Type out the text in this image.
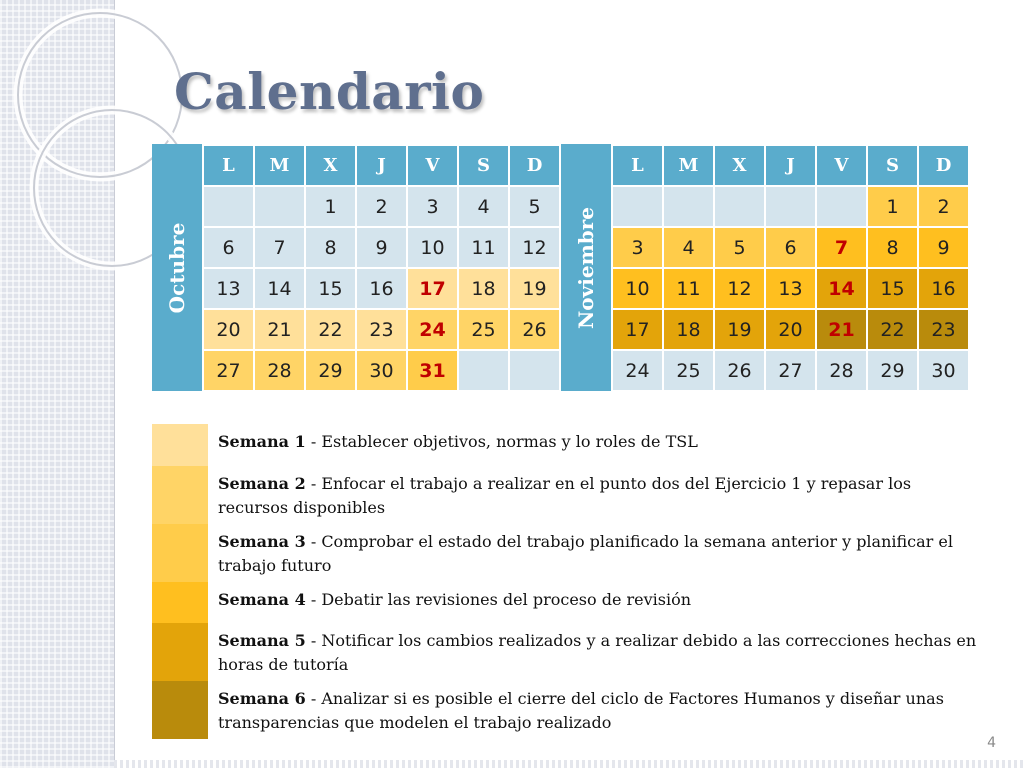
Calendario
Octubre
L	M	X	J	V	S	D
		1	2	3	4	5
6	7	8	9	10	11	12
13	14	15	16	17	18	19
20	21	22	23	24	25	26
27	28	29	30	31		
Noviembre
L	M	X	J	V	S	D
					1	2
3	4	5	6	7	8	9
10	11	12	13	14	15	16
17	18	19	20	21	22	23
24	25	26	27	28	29	30
Semana 1 - Establecer objetivos, normas y lo roles de TSL
Semana 2 - Enfocar el trabajo a realizar en el punto dos del Ejercicio 1 y repasar los recursos disponibles
Semana 3 - Comprobar el estado del trabajo planificado la semana anterior y planificar el trabajo futuro
Semana 4 - Debatir las revisiones del proceso de revisión
Semana 5 - Notificar los cambios realizados y a realizar debido a las correcciones hechas en horas de tutoría
Semana 6 - Analizar si es posible el cierre del ciclo de Factores Humanos y diseñar unas transparencias que modelen el trabajo realizado
4
